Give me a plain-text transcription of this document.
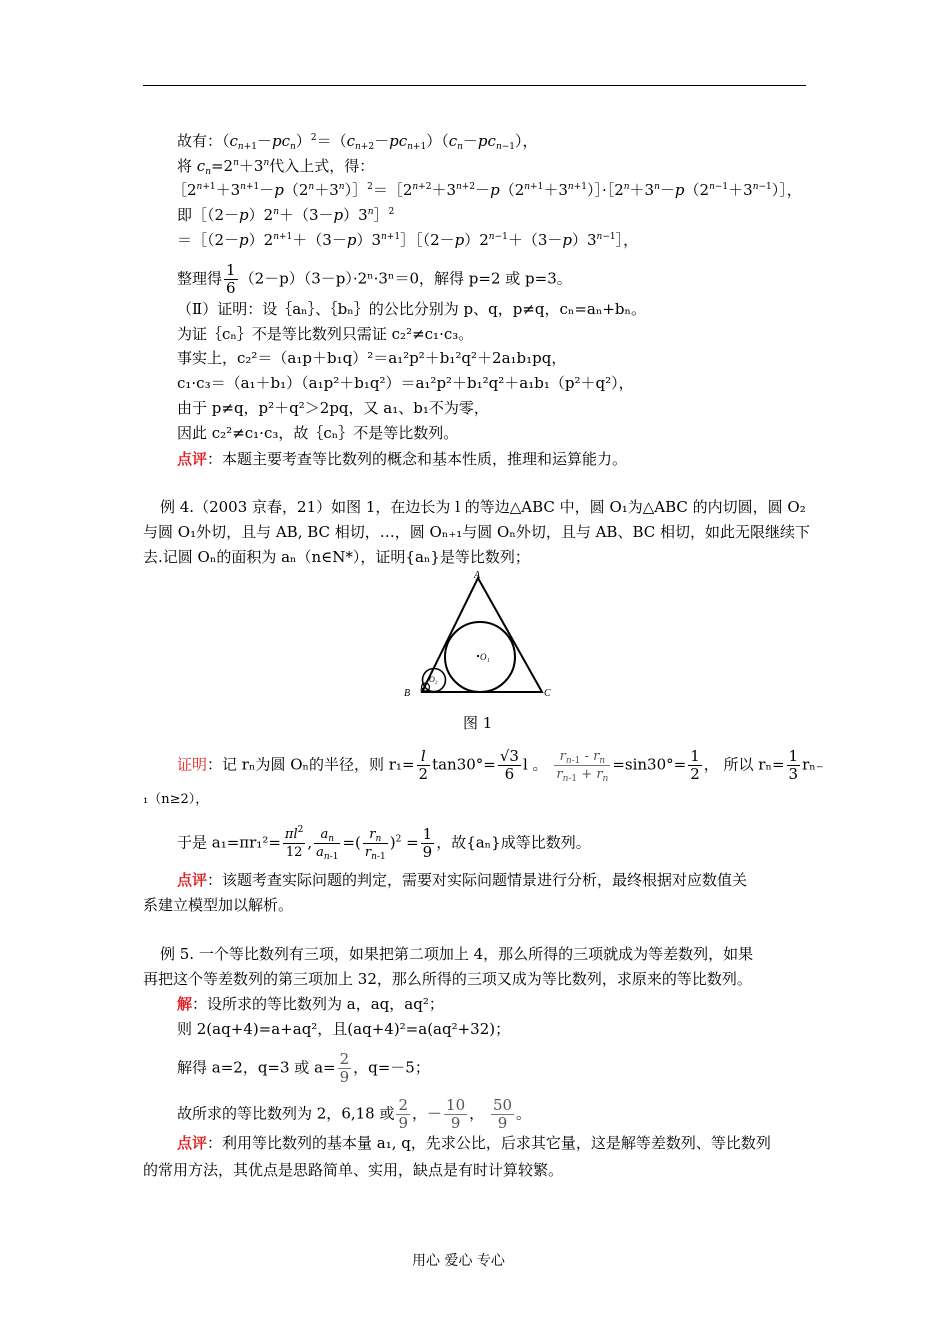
故有：$(c_{n+1}-pc_n)^2=(c_{n+2}-pc_{n+1})(c_n-pc_{n-1})$，
将 $c_n=2^n+3^n$代入上式，得：
$[2^{n+1}+3^{n+1}-p(2^n+3^n)]^2=[2^{n+2}+3^{n+2}-p(2^{n+1}+3^{n+1})]\cdot[2^n+3^n-p(2^{n-1}+3^{n-1})]$，
即$[(2-p)2^n+(3-p)3^n]^2$
$=[(2-p)2^{n+1}+(3-p)3^{n+1}][(2-p)2^{n-1}+(3-p)3^{n-1}]$，
整理得 $\frac{1}{6} (2-p)(3-p)\cdot 2^n\cdot 3^n=0$，解得 p=2 或 p=3。
（Ⅱ）证明：设｛aₙ｝、｛bₙ｝的公比分别为 p、q，p≠q，cₙ=aₙ+bₙ。
为证｛cₙ｝不是等比数列只需证 c₂²≠c₁·c₃。
事实上，c₂²＝（a₁p＋b₁q）²＝a₁²p²＋b₁²q²＋2a₁b₁pq，
c₁·c₃＝（a₁＋b₁）（a₁p²＋b₁q²）＝a₁²p²＋b₁²q²＋a₁b₁（p²＋q²），
由于 p≠q，p²＋q²＞2pq，又 a₁、b₁不为零，
因此 c₂²≠c₁·c₃，故｛cₙ｝不是等比数列。
点评：本题主要考查等比数列的概念和基本性质，推理和运算能力。
例 4.（2003 京春，21）如图 1，在边长为 l 的等边△ABC 中，圆 O₁为△ABC 的内切圆，圆 O₂
与圆 O₁外切，且与 AB, BC 相切，…，圆 Oₙ₊₁与圆 Oₙ外切，且与 AB、BC 相切，如此无限继续下
去.记圆 Oₙ的面积为 aₙ（n∈N*），证明{aₙ}是等比数列；
A
B	C
O₁
O₂
图 1
证明：记 rₙ为圆 Oₙ的半径，则 $r_1= \frac{l}{2} \tan 30^\circ= \frac{√3}{6}$ l 。 $\frac{r_{n-1} - r_n}{r_{n-1} + r_n} =\sin 30^\circ= \frac{1}{2}$ ， 所以 $r_n= \frac{1}{3} r_{n-}$
₁（n≥2），
于是 $a_1=\pi r_1^2= \frac{\pi l^2}{12}$ , $\frac{a_n}{a_{n-1}}$ =( $\frac{r_n}{r_{n-1}} )^2 = \frac{1}{9}$ ，故{aₙ}成等比数列。
点评：该题考查实际问题的判定，需要对实际问题情景进行分析，最终根据对应数值关
系建立模型加以解析。
例 5. 一个等比数列有三项，如果把第二项加上 4，那么所得的三项就成为等差数列，如果
再把这个等差数列的第三项加上 32，那么所得的三项又成为等比数列，求原来的等比数列。
解：设所求的等比数列为 a，aq，aq²；
则 2(aq+4)=a+aq²，且(aq+4)²=a(aq²+32)；
解得 a=2，q=3 或 $a= \frac{2}{9}$ ，q=－5；
故所求的等比数列为 2，6,18 或 $\frac{2}{9}$ ，－ $\frac{10}{9}$ ， $\frac{50}{9}$ 。
点评：利用等比数列的基本量 a₁, q，先求公比，后求其它量，这是解等差数列、等比数列
的常用方法，其优点是思路简单、实用，缺点是有时计算较繁。
用心 爱心 专心
